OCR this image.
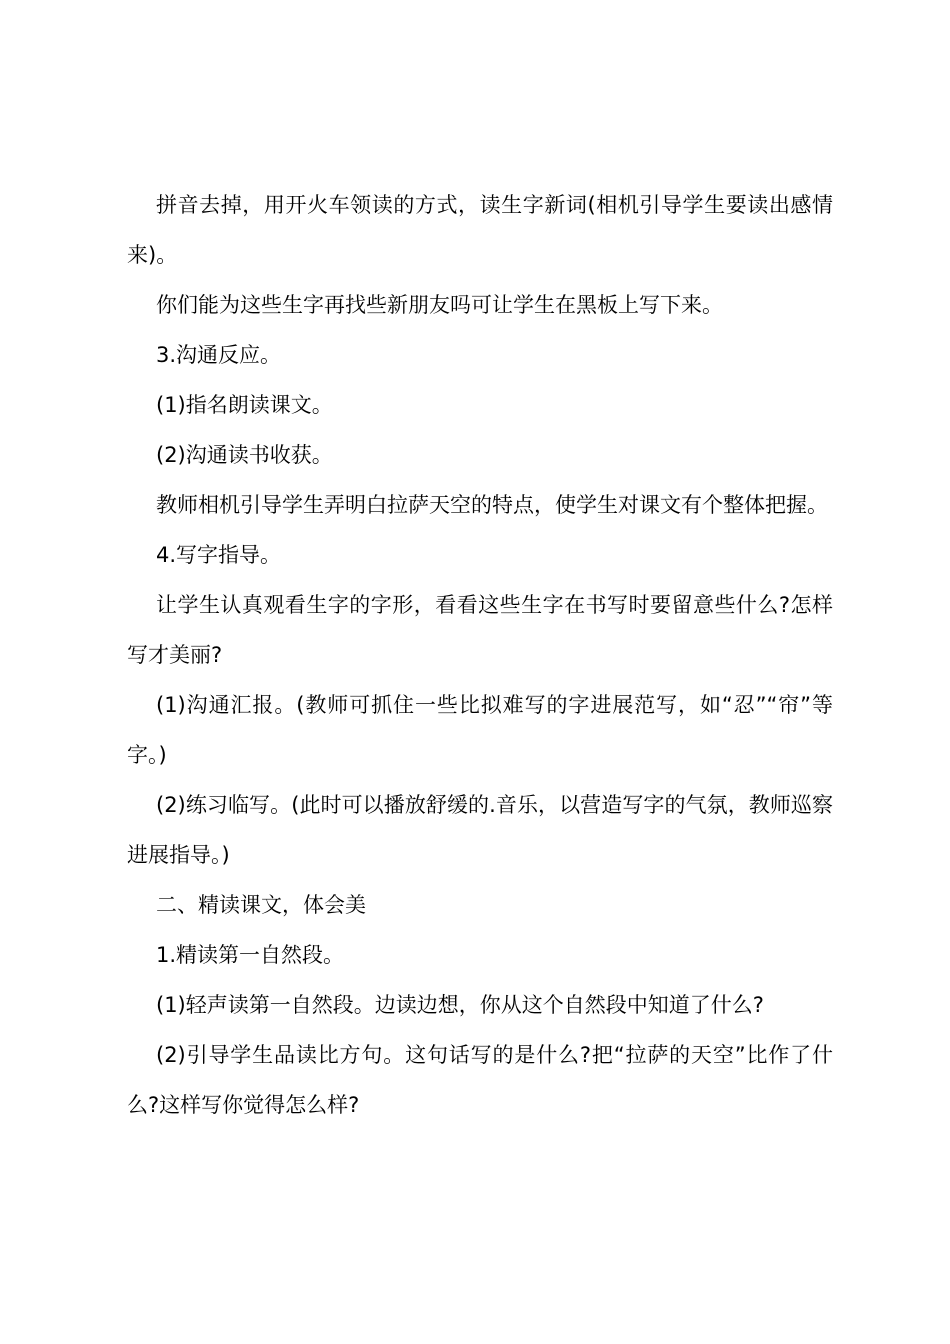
拼音去掉，用开火车领读的方式，读生字新词(相机引导学生要读出感情来)。

你们能为这些生字再找些新朋友吗可让学生在黑板上写下来。

3.沟通反应。

(1)指名朗读课文。

(2)沟通读书收获。

教师相机引导学生弄明白拉萨天空的特点，使学生对课文有个整体把握。

4.写字指导。

让学生认真观看生字的字形，看看这些生字在书写时要留意些什么?怎样写才美丽?

(1)沟通汇报。(教师可抓住一些比拟难写的字进展范写，如“忍”“帘”等字。)

(2)练习临写。(此时可以播放舒缓的.音乐，以营造写字的气氛，教师巡察进展指导。)

二、精读课文，体会美

1.精读第一自然段。

(1)轻声读第一自然段。边读边想，你从这个自然段中知道了什么?

(2)引导学生品读比方句。这句话写的是什么?把“拉萨的天空”比作了什么?这样写你觉得怎么样?
